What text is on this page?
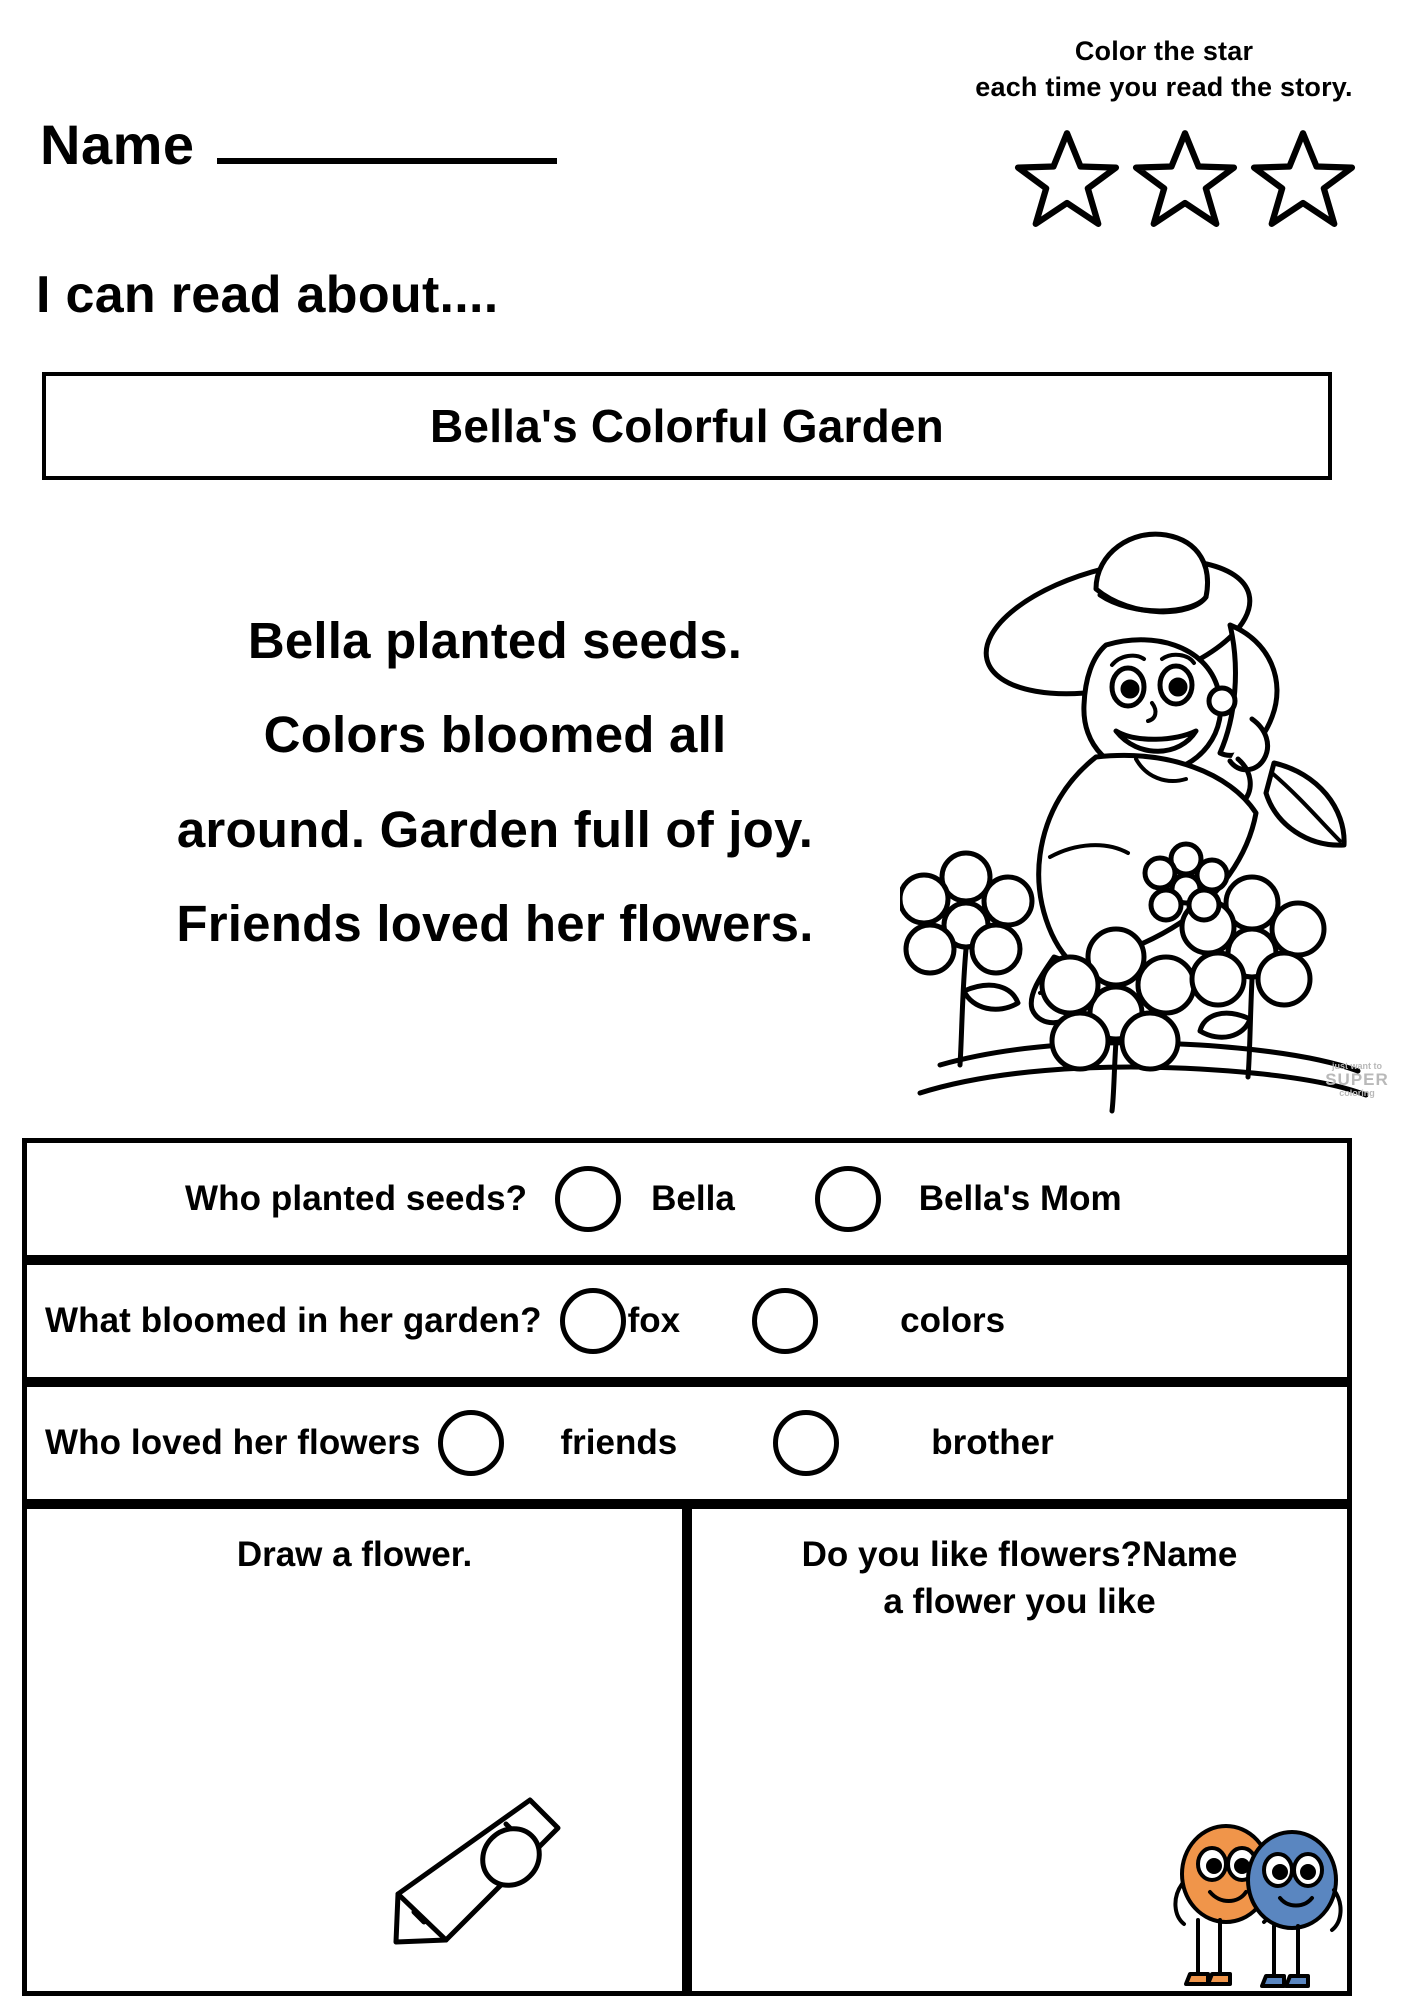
Color the star
each time you read the story.
Name
I can read about....
Bella's Colorful Garden
Bella planted seeds.
Colors bloomed all
around. Garden full of joy.
Friends loved her flowers.
just want to
SUPER
coloring
Who planted seeds?	Bella	Bella's Mom
What bloomed in her garden? fox	colors
Who loved her flowers	friends	brother
Draw a flower.	Do you like flowers?Name
a flower you like
